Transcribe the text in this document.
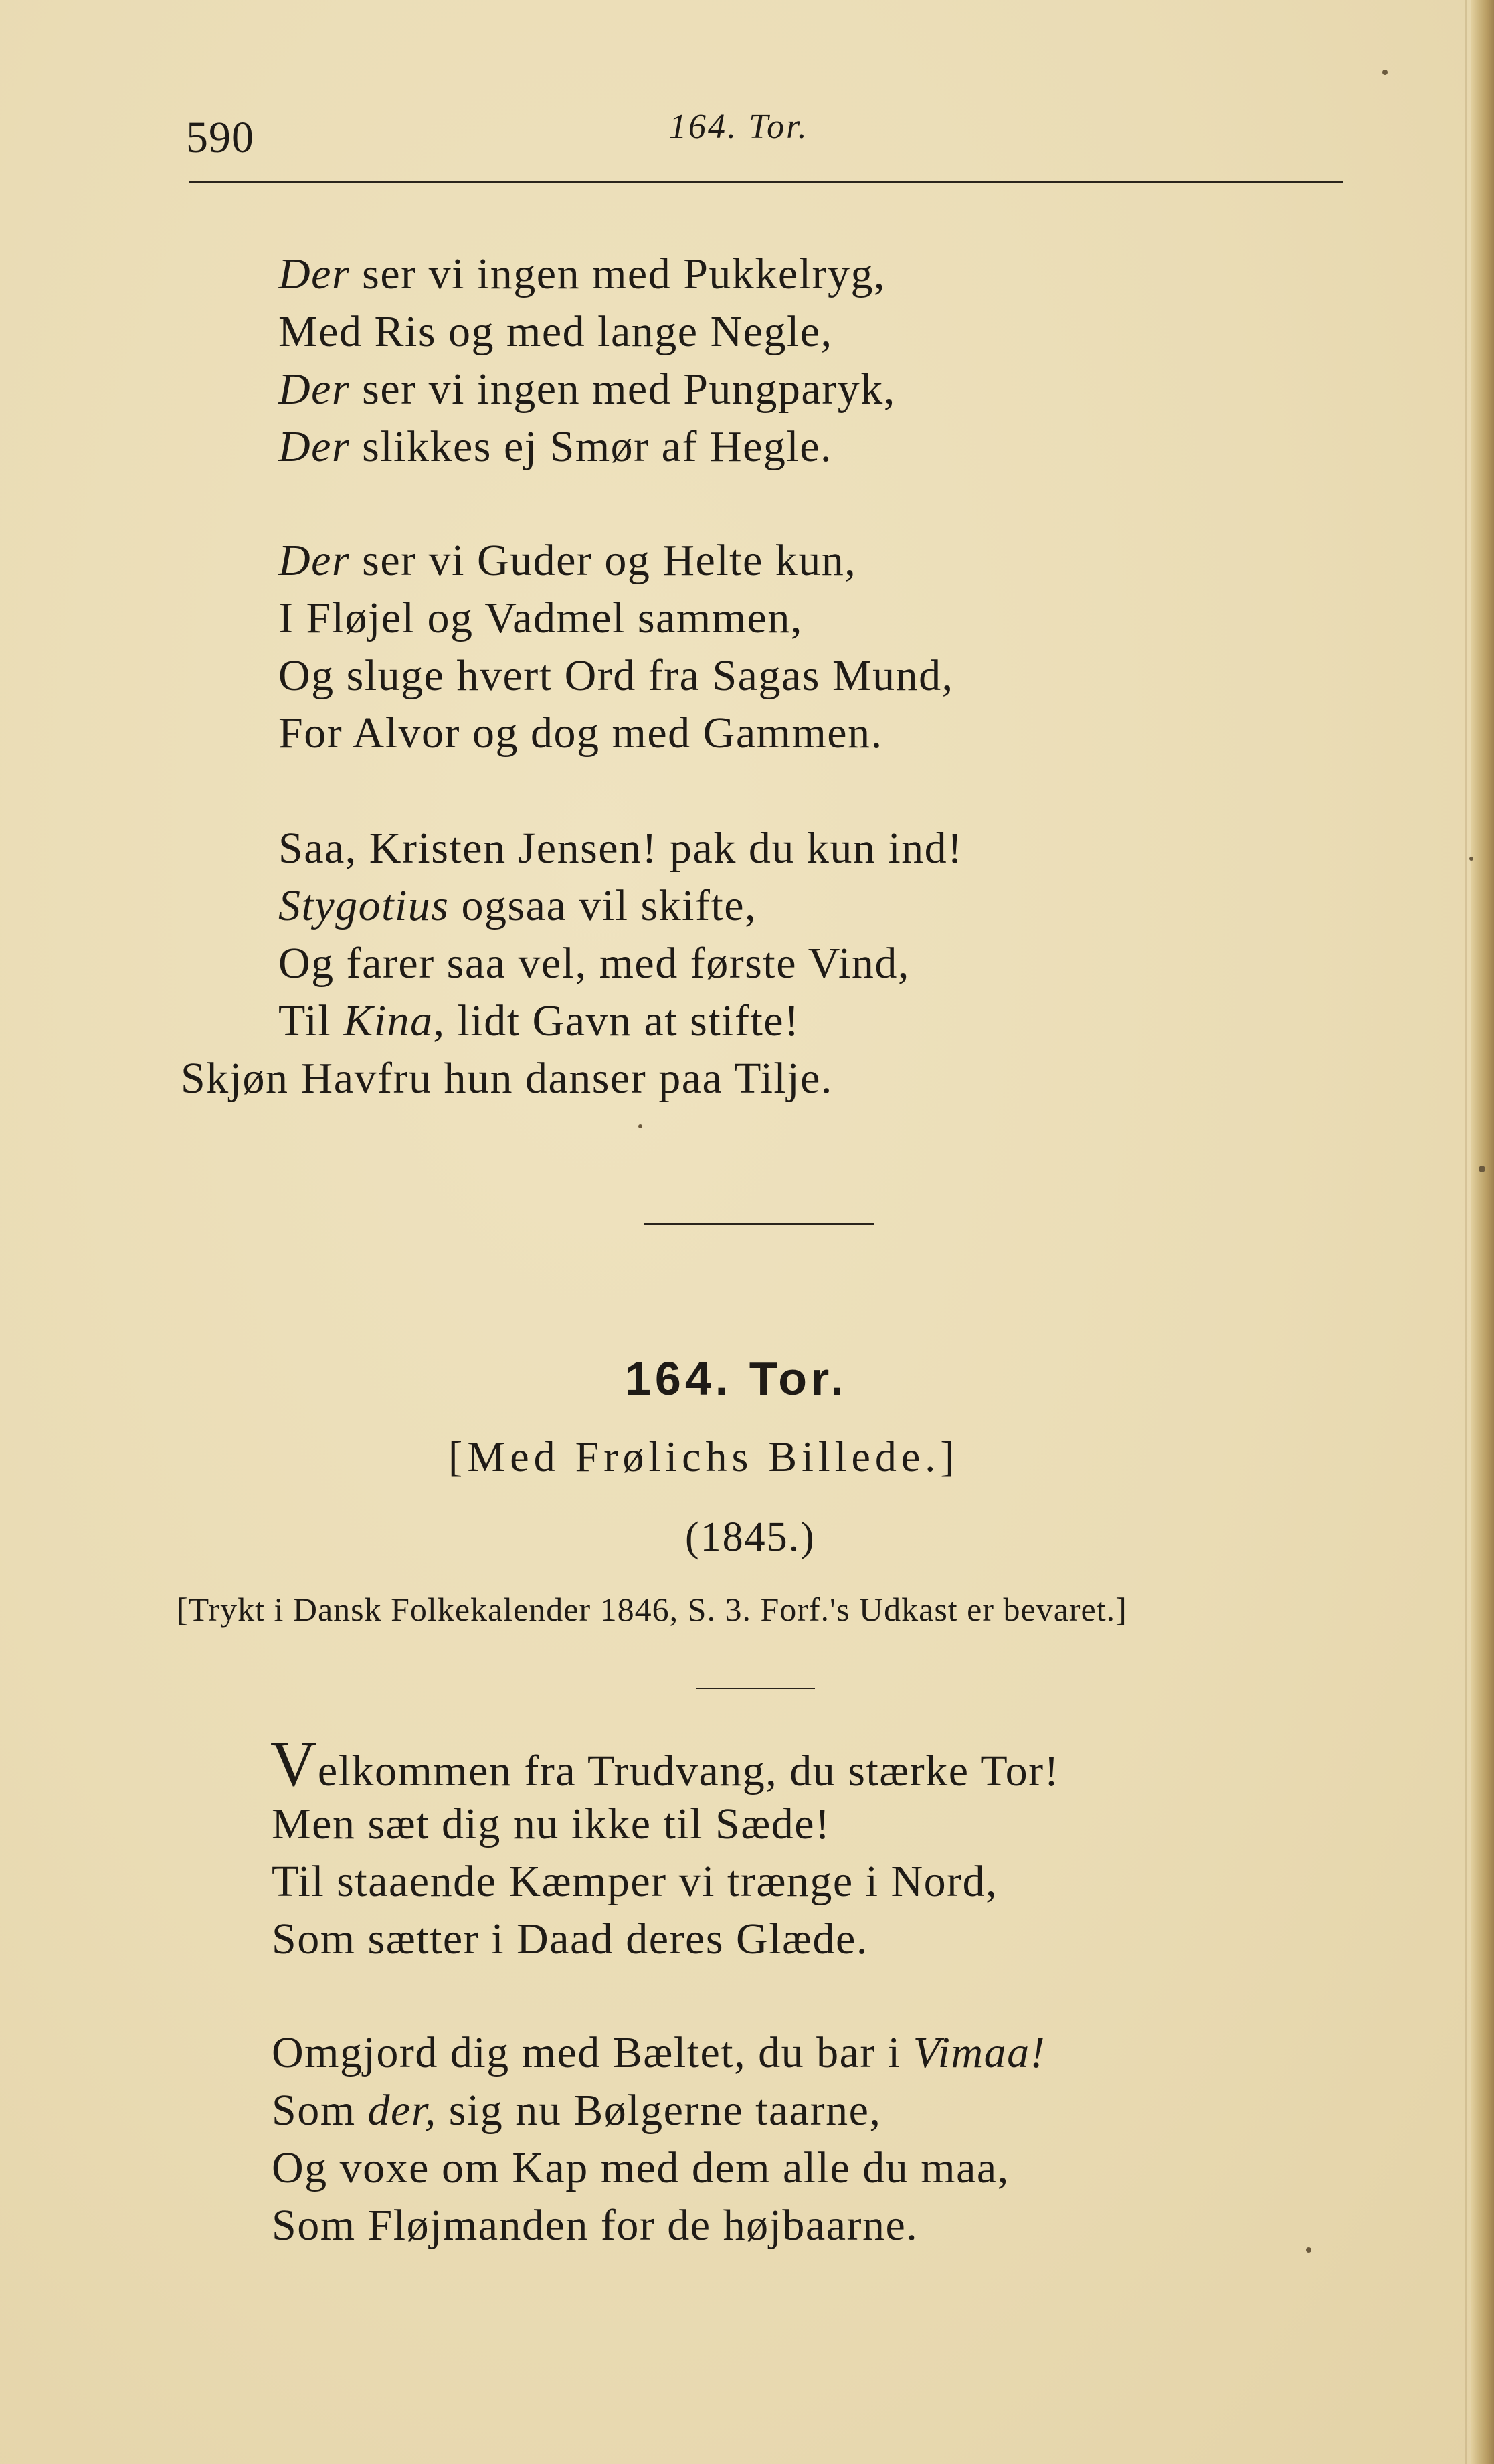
590	164. Tor.
Der ser vi ingen med Pukkelryg,
Med Ris og med lange Negle,
Der ser vi ingen med Pungparyk,
Der slikkes ej Smør af Hegle.
Der ser vi Guder og Helte kun,
I Fløjel og Vadmel sammen,
Og sluge hvert Ord fra Sagas Mund,
For Alvor og dog med Gammen.
Saa, Kristen Jensen! pak du kun ind!
Stygotius ogsaa vil skifte,
Og farer saa vel, med første Vind,
Til Kina, lidt Gavn at stifte!
Skjøn Havfru hun danser paa Tilje.
164. Tor.
[Med Frølichs Billede.]
(1845.)
[Trykt i Dansk Folkekalender 1846, S. 3. Forf.'s Udkast er bevaret.]
Velkommen fra Trudvang, du stærke Tor!
Men sæt dig nu ikke til Sæde!
Til staaende Kæmper vi trænge i Nord,
Som sætter i Daad deres Glæde.
Omgjord dig med Bæltet, du bar i Vimaa!
Som der, sig nu Bølgerne taarne,
Og voxe om Kap med dem alle du maa,
Som Fløjmanden for de højbaarne.
